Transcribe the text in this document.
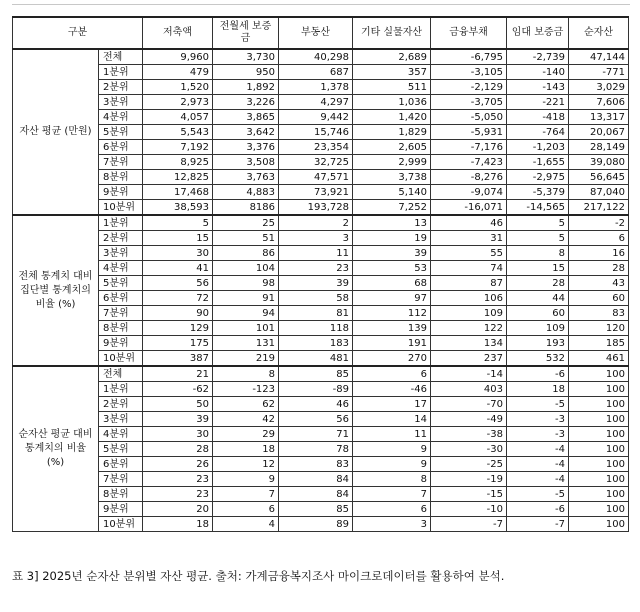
구분		저축액	전월세 보증금	부동산	기타 실물자산	금융부채	임대 보증금	순자산
자산 평균 (만원)	전체	9,960	3,730	40,298	2,689	-6,795	-2,739	47,144
	1분위	479	950	687	357	-3,105	-140	-771
	2분위	1,520	1,892	1,378	511	-2,129	-143	3,029
	3분위	2,973	3,226	4,297	1,036	-3,705	-221	7,606
	4분위	4,057	3,865	9,442	1,420	-5,050	-418	13,317
	5분위	5,543	3,642	15,746	1,829	-5,931	-764	20,067
	6분위	7,192	3,376	23,354	2,605	-7,176	-1,203	28,149
	7분위	8,925	3,508	32,725	2,999	-7,423	-1,655	39,080
	8분위	12,825	3,763	47,571	3,738	-8,276	-2,975	56,645
	9분위	17,468	4,883	73,921	5,140	-9,074	-5,379	87,040
	10분위	38,593	8186	193,728	7,252	-16,071	-14,565	217,122
전체 통계치 대비 집단별 통계치의 비율 (%)	1분위	5	25	2	13	46	5	-2
	2분위	15	51	3	19	31	5	6
	3분위	30	86	11	39	55	8	16
	4분위	41	104	23	53	74	15	28
	5분위	56	98	39	68	87	28	43
	6분위	72	91	58	97	106	44	60
	7분위	90	94	81	112	109	60	83
	8분위	129	101	118	139	122	109	120
	9분위	175	131	183	191	134	193	185
	10분위	387	219	481	270	237	532	461
순자산 평균 대비 통계치의 비율 (%)	전체	21	8	85	6	-14	-6	100
	1분위	-62	-123	-89	-46	403	18	100
	2분위	50	62	46	17	-70	-5	100
	3분위	39	42	56	14	-49	-3	100
	4분위	30	29	71	11	-38	-3	100
	5분위	28	18	78	9	-30	-4	100
	6분위	26	12	83	9	-25	-4	100
	7분위	23	9	84	8	-19	-4	100
	8분위	23	7	84	7	-15	-5	100
	9분위	20	6	85	6	-10	-6	100
	10분위	18	4	89	3	-7	-7	100
표 3] 2025년 순자산 분위별 자산 평균. 출처: 가계금융복지조사 마이크로데이터를 활용하여 분석.
